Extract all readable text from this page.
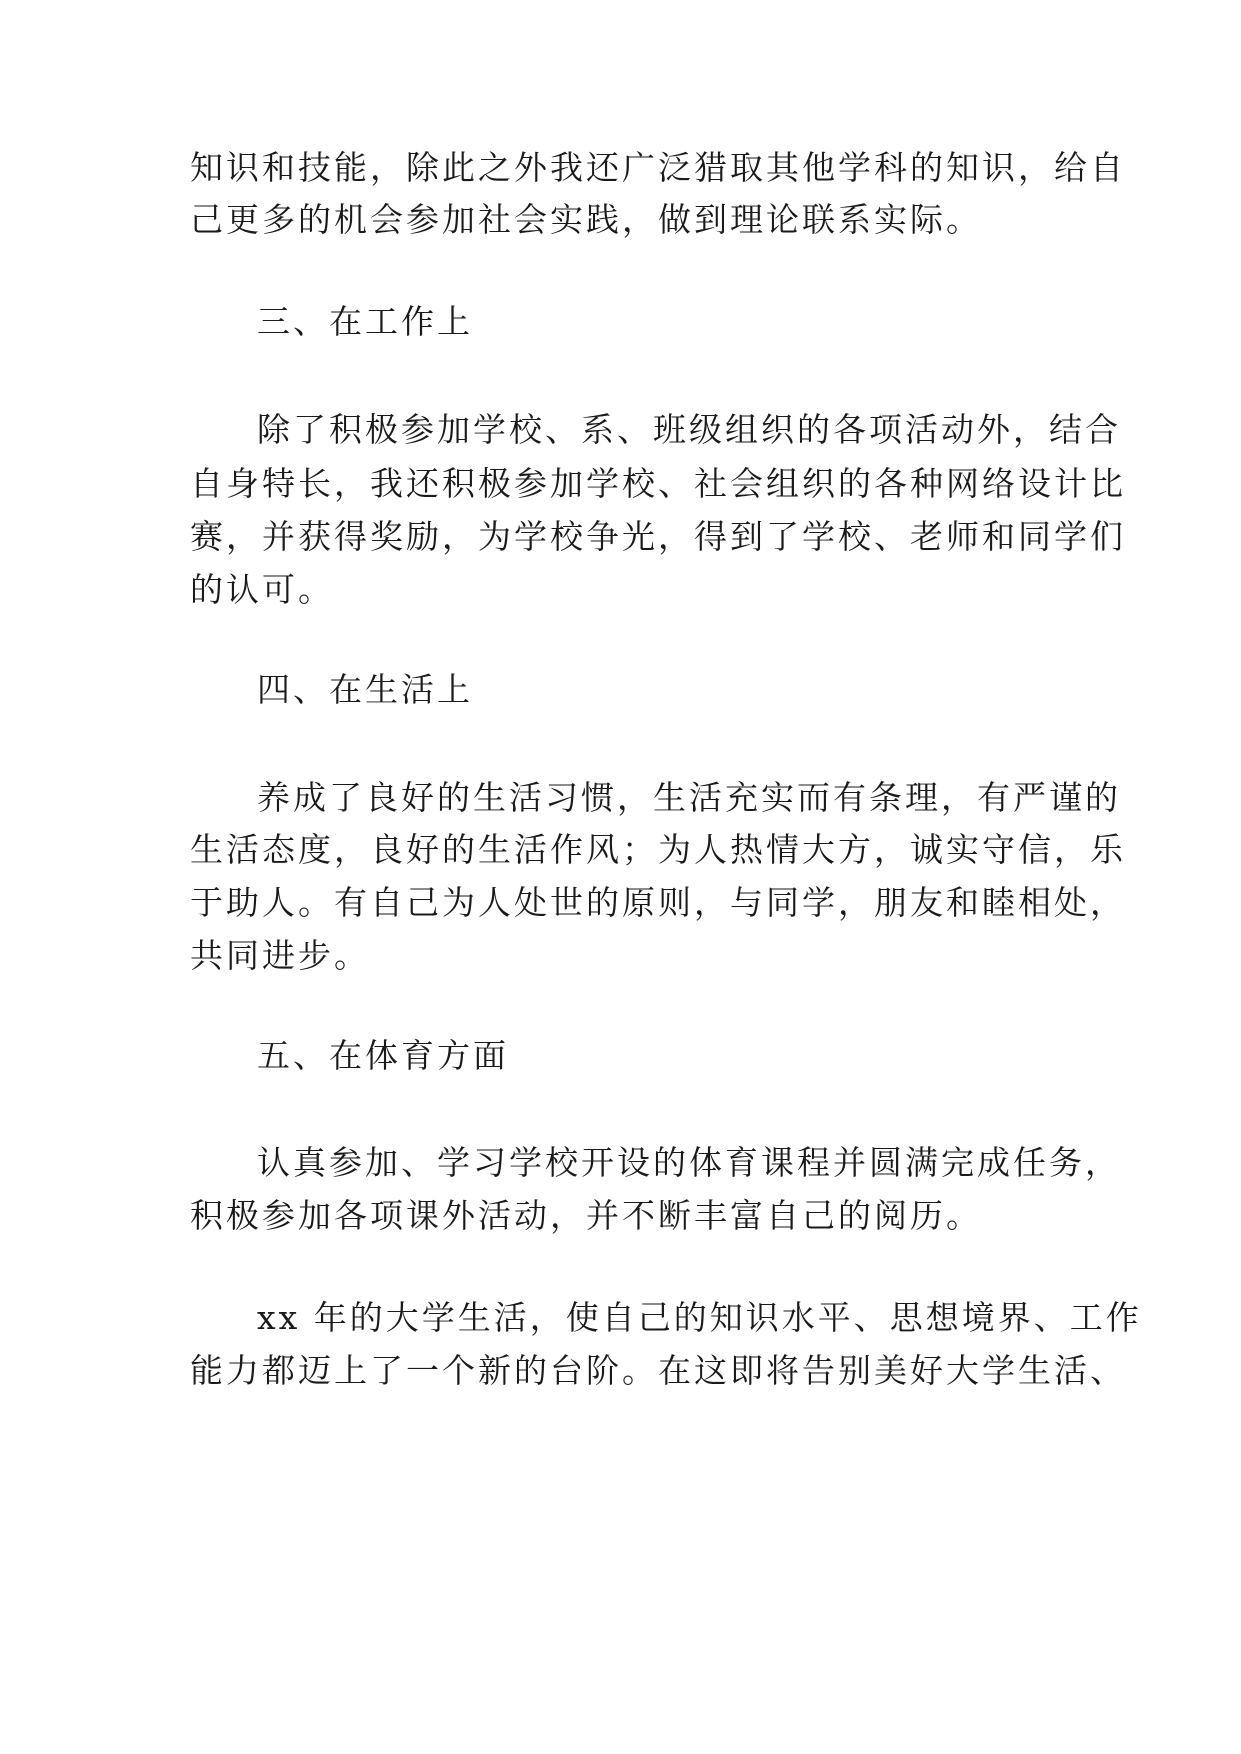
知识和技能，除此之外我还广泛猎取其他学科的知识，给自
己更多的机会参加社会实践，做到理论联系实际。
三、在工作上
除了积极参加学校、系、班级组织的各项活动外，结合
自身特长，我还积极参加学校、社会组织的各种网络设计比
赛，并获得奖励，为学校争光，得到了学校、老师和同学们
的认可。
四、在生活上
养成了良好的生活习惯，生活充实而有条理，有严谨的
生活态度，良好的生活作风；为人热情大方，诚实守信，乐
于助人。有自己为人处世的原则，与同学，朋友和睦相处，
共同进步。
五、在体育方面
认真参加、学习学校开设的体育课程并圆满完成任务，
积极参加各项课外活动，并不断丰富自己的阅历。
xx 年的大学生活，使自己的知识水平、思想境界、工作
能力都迈上了一个新的台阶。在这即将告别美好大学生活、
